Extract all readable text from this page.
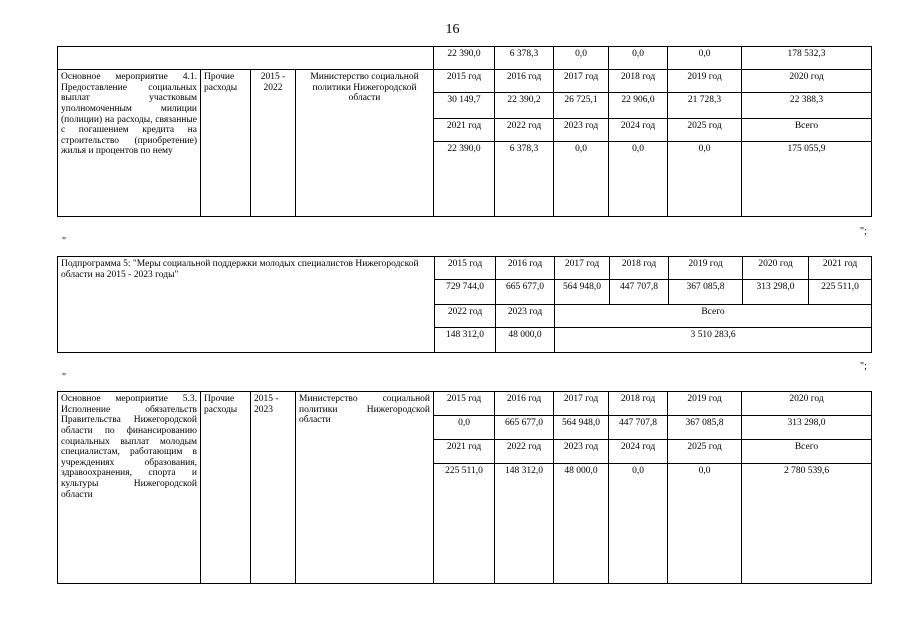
16
				22 390,0	6 378,3	0,0	0,0	0,0	178 532,3
Основное мероприятие 4.1. Предоставление социальных выплат участковым уполномоченным милиции (полиции) на расходы, связанные с погашением кредита на строительство (приобретение) жилья и процентов по нему	Прочие расходы	2015 - 2022	Министерство социальной политики Нижегородской области	2015 год	2016 год	2017 год	2018 год	2019 год	2020 год
				30 149,7	22 390,2	26 725,1	22 906,0	21 728,3	22 388,3
				2021 год	2022 год	2023 год	2024 год	2025 год	Всего
				22 390,0	6 378,3	0,0	0,0	0,0	175 055,9
";
"
Подпрограмма 5: "Меры социальной поддержки молодых специалистов Нижегородской области на 2015 - 2023 годы"	2015 год	2016 год	2017 год	2018 год	2019 год	2020 год	2021 год
	729 744,0	665 677,0	564 948,0	447 707,8	367 085,8	313 298,0	225 511,0
	2022 год	2023 год	Всего				
	148 312,0	48 000,0	3 510 283,6				
";
"
Основное мероприятие 5.3. Исполнение обязательств Правительства Нижегородской области по финансированию социальных выплат молодым специалистам, работающим в учреждениях образования, здравоохранения, спорта и культуры Нижегородской области	Прочие расходы	2015 - 2023	Министерство социальной политики Нижегородской области	2015 год	2016 год	2017 год	2018 год	2019 год	2020 год
				0,0	665 677,0	564 948,0	447 707,8	367 085,8	313 298,0
				2021 год	2022 год	2023 год	2024 год	2025 год	Всего
				225 511,0	148 312,0	48 000,0	0,0	0,0	2 780 539,6
